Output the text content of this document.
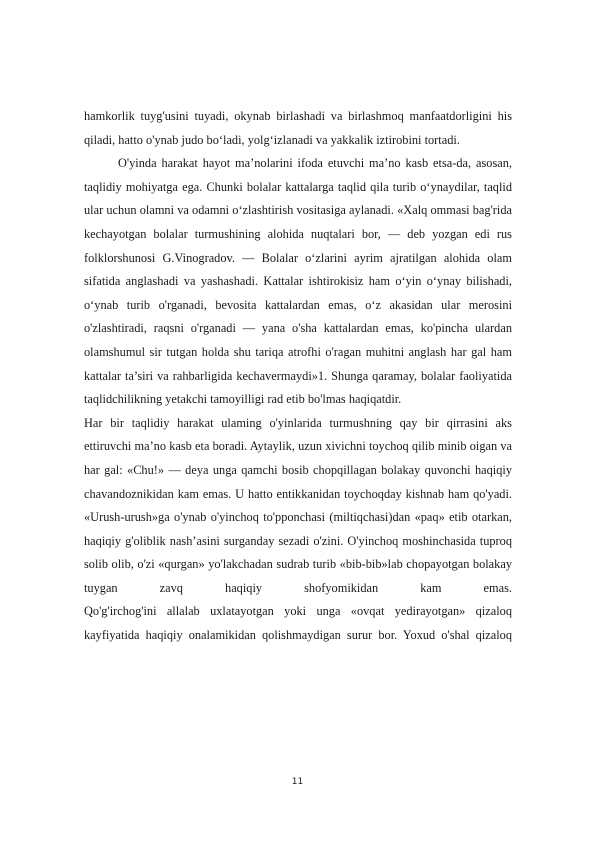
hamkorlik tuyg'usini tuyadi, okynab birlashadi va birlashmoq manfaatdorligini his qiladi, hatto o'ynab judo bo‘ladi, yolg‘izlanadi va yakkalik iztirobini tortadi.

O'yinda harakat hayot ma’nolarini ifoda etuvchi ma’no kasb etsa-da, asosan, taqlidiy mohiyatga ega. Chunki bolalar kattalarga taqlid qila turib o‘ynaydilar, taqlid ular uchun olamni va odamni o‘zlashtirish vositasiga aylanadi. «Xalq ommasi bag'rida kechayotgan bolalar turmushining alohida nuqtalari bor, — deb yozgan edi rus folklorshunosi G.Vinogradov. — Bolalar o‘zlarini ayrim ajratilgan alohida olam sifatida anglashadi va yashashadi. Kattalar ishtirokisiz ham o‘yin o‘ynay bilishadi, o‘ynab turib o'rganadi, bevosita kattalardan emas, o‘z akasidan ular merosini o'zlashtiradi, raqsni o'rganadi — yana o'sha kattalardan emas, ko'pincha ulardan olamshumul sir tutgan holda shu tariqa atrofhi o'ragan muhitni anglash har gal ham kattalar ta’siri va rahbarligida kechavermaydi»1. Shunga qaramay, bolalar faoliyatida taqlidchilikning yetakchi tamoyilligi rad etib bo'lmas haqiqatdir.

Har bir taqlidiy harakat ulaming o'yinlarida turmushning qay bir qirrasini aks ettiruvchi ma’no kasb eta boradi. Aytaylik, uzun xivichni toychoq qilib minib oigan va har gal: «Chu!» — deya unga qamchi bosib chopqillagan bolakay quvonchi haqiqiy chavandoznikidan kam emas. U hatto entikkanidan toychoqday kishnab ham qo'yadi. «Urush-urush»ga o'ynab o'yinchoq to'pponchasi (miltiqchasi)dan «paq» etib otarkan, haqiqiy g'oliblik nash’asini surganday sezadi o'zini. O'yinchoq moshinchasida tuproq solib olib, o'zi «qurgan» yo'lakchadan sudrab turib «bib-bib»lab chopayotgan bolakay tuygan zavq haqiqiy shofyomikidan kam emas.

Qo'g'irchog'ini allalab uxlatayotgan yoki unga «ovqat yedirayotgan» qizaloq kayfiyatida haqiqiy onalamikidan qolishmaydigan surur bor. Yoxud o'shal qizaloq

11
